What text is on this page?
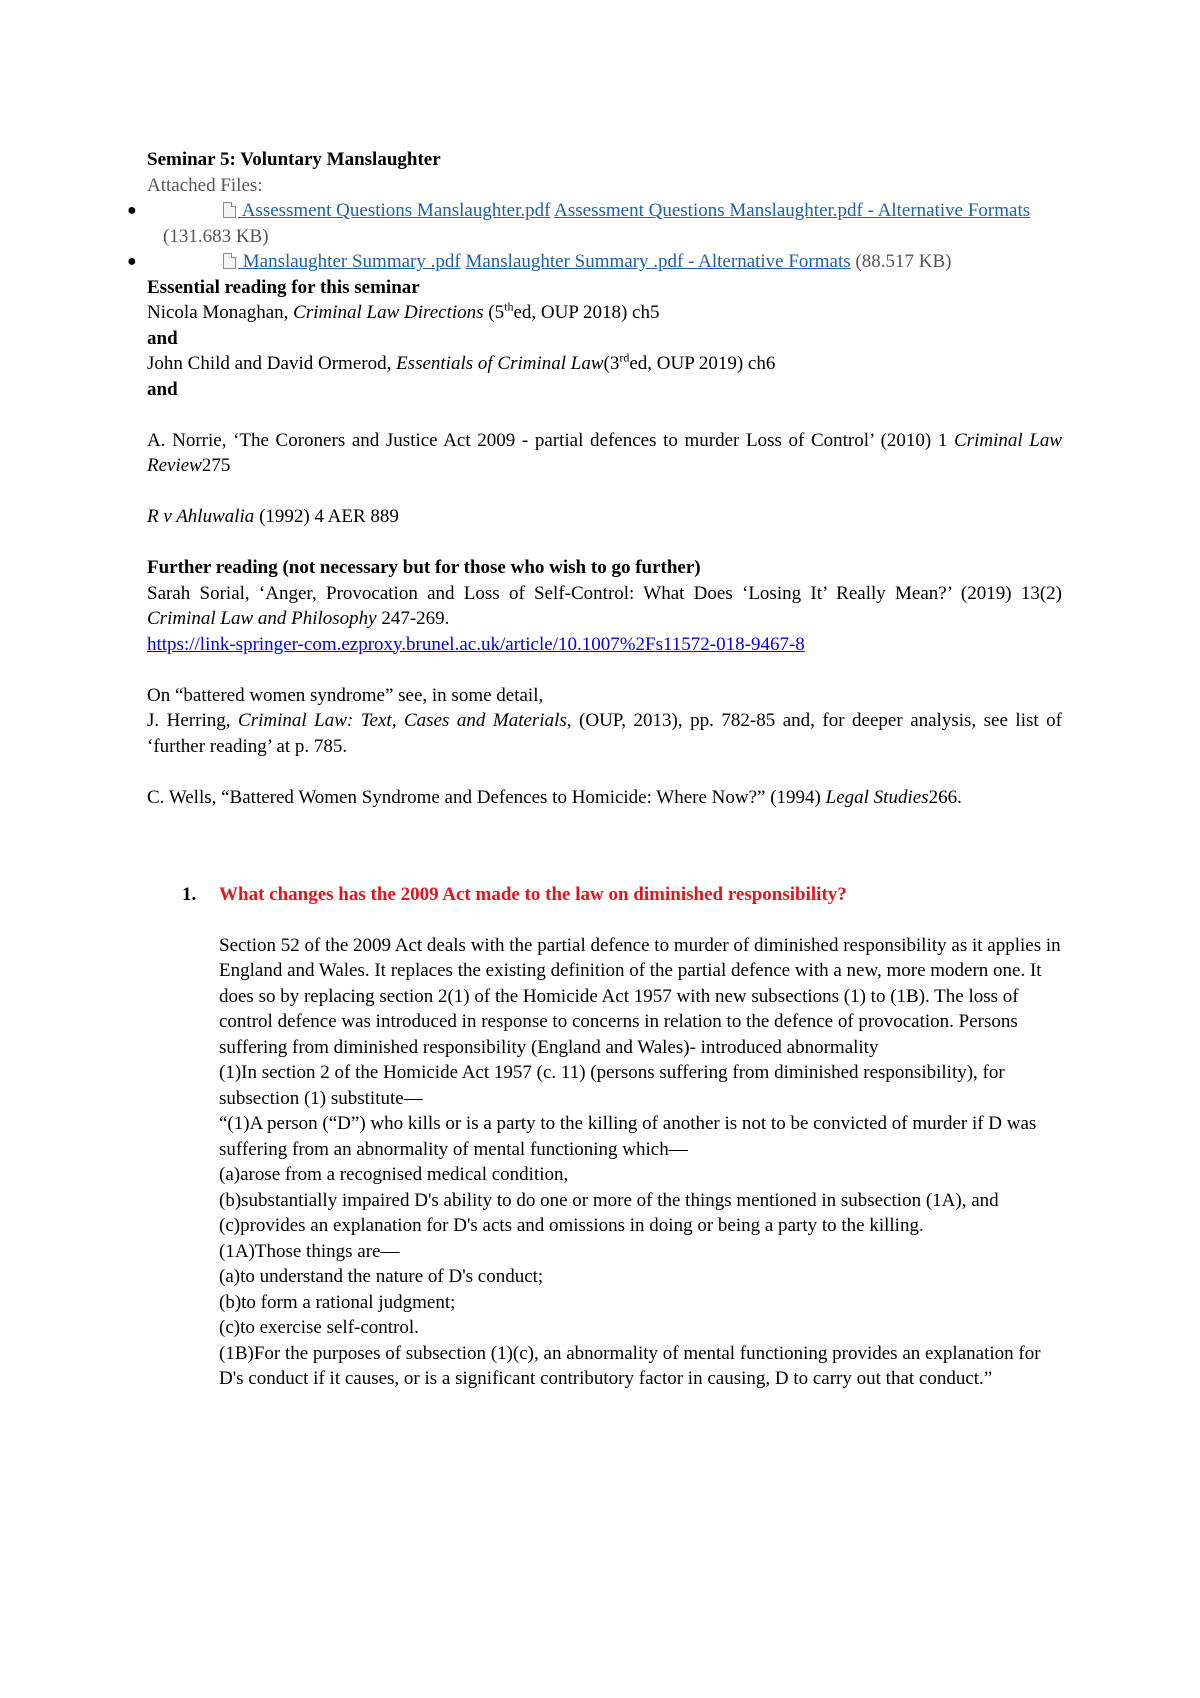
Seminar 5: Voluntary Manslaughter
Attached Files:
●	Assessment Questions Manslaughter.pdf Assessment Questions Manslaughter.pdf - Alternative Formats (131.683 KB)
●	Manslaughter Summary .pdf Manslaughter Summary .pdf - Alternative Formats (88.517 KB)
Essential reading for this seminar
Nicola Monaghan, Criminal Law Directions (5thed, OUP 2018) ch5
and
John Child and David Ormerod, Essentials of Criminal Law(3rded, OUP 2019) ch6
and
A. Norrie, ‘The Coroners and Justice Act 2009 - partial defences to murder Loss of Control’ (2010) 1 Criminal Law Review275
R v Ahluwalia (1992) 4 AER 889
Further reading (not necessary but for those who wish to go further)
Sarah Sorial, ‘Anger, Provocation and Loss of Self-Control: What Does ‘Losing It’ Really Mean?’ (2019) 13(2) Criminal Law and Philosophy 247-269.
https://link-springer-com.ezproxy.brunel.ac.uk/article/10.1007%2Fs11572-018-9467-8
On “battered women syndrome” see, in some detail,
J. Herring, Criminal Law: Text, Cases and Materials, (OUP, 2013), pp. 782-85 and, for deeper analysis, see list of ‘further reading’ at p. 785.
C. Wells, “Battered Women Syndrome and Defences to Homicide: Where Now?” (1994) Legal Studies266.
1. What changes has the 2009 Act made to the law on diminished responsibility?
Section 52 of the 2009 Act deals with the partial defence to murder of diminished responsibility as it applies in England and Wales. It replaces the existing definition of the partial defence with a new, more modern one. It does so by replacing section 2(1) of the Homicide Act 1957 with new subsections (1) to (1B). The loss of control defence was introduced in response to concerns in relation to the defence of provocation. Persons suffering from diminished responsibility (England and Wales)- introduced abnormality
(1)In section 2 of the Homicide Act 1957 (c. 11) (persons suffering from diminished responsibility), for subsection (1) substitute—
“(1)A person (“D”) who kills or is a party to the killing of another is not to be convicted of murder if D was suffering from an abnormality of mental functioning which—
(a)arose from a recognised medical condition,
(b)substantially impaired D's ability to do one or more of the things mentioned in subsection (1A), and
(c)provides an explanation for D's acts and omissions in doing or being a party to the killing.
(1A)Those things are—
(a)to understand the nature of D's conduct;
(b)to form a rational judgment;
(c)to exercise self-control.
(1B)For the purposes of subsection (1)(c), an abnormality of mental functioning provides an explanation for D's conduct if it causes, or is a significant contributory factor in causing, D to carry out that conduct.”
